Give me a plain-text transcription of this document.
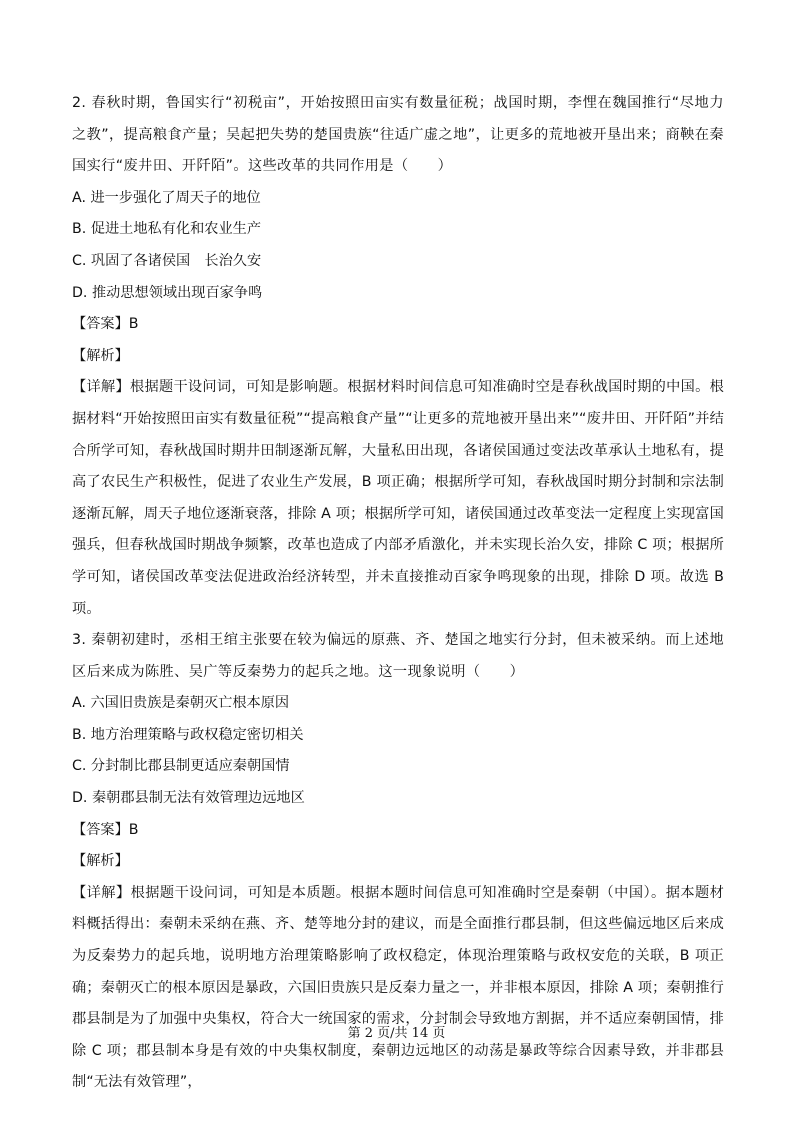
2. 春秋时期，鲁国实行“初税亩”，开始按照田亩实有数量征税；战国时期，李悝在魏国推行“尽地力之教”，提高粮食产量；吴起把失势的楚国贵族“往适广虚之地”，让更多的荒地被开垦出来；商鞅在秦国实行“废井田、开阡陌”。这些改革的共同作用是（　　）

A. 进一步强化了周天子的地位

B. 促进土地私有化和农业生产

C. 巩固了各诸侯国　长治久安

D. 推动思想领域出现百家争鸣

【答案】B

【解析】

【详解】根据题干设问词，可知是影响题。根据材料时间信息可知准确时空是春秋战国时期的中国。根据材料“开始按照田亩实有数量征税”“提高粮食产量”“让更多的荒地被开垦出来”“废井田、开阡陌”并结合所学可知，春秋战国时期井田制逐渐瓦解，大量私田出现，各诸侯国通过变法改革承认土地私有，提高了农民生产积极性，促进了农业生产发展，B 项正确；根据所学可知，春秋战国时期分封制和宗法制逐渐瓦解，周天子地位逐渐衰落，排除 A 项；根据所学可知，诸侯国通过改革变法一定程度上实现富国强兵，但春秋战国时期战争频繁，改革也造成了内部矛盾激化，并未实现长治久安，排除 C 项；根据所学可知，诸侯国改革变法促进政治经济转型，并未直接推动百家争鸣现象的出现，排除 D 项。故选 B 项。

3. 秦朝初建时，丞相王绾主张要在较为偏远的原燕、齐、楚国之地实行分封，但未被采纳。而上述地区后来成为陈胜、吴广等反秦势力的起兵之地。这一现象说明（　　）

A. 六国旧贵族是秦朝灭亡根本原因

B. 地方治理策略与政权稳定密切相关

C. 分封制比郡县制更适应秦朝国情

D. 秦朝郡县制无法有效管理边远地区

【答案】B

【解析】

【详解】根据题干设问词，可知是本质题。根据本题时间信息可知准确时空是秦朝（中国）。据本题材料概括得出：秦朝未采纳在燕、齐、楚等地分封的建议，而是全面推行郡县制，但这些偏远地区后来成为反秦势力的起兵地，说明地方治理策略影响了政权稳定，体现治理策略与政权安危的关联，B 项正确；秦朝灭亡的根本原因是暴政，六国旧贵族只是反秦力量之一，并非根本原因，排除 A 项；秦朝推行郡县制是为了加强中央集权，符合大一统国家的需求，分封制会导致地方割据，并不适应秦朝国情，排除 C 项；郡县制本身是有效的中央集权制度，秦朝边远地区的动荡是暴政等综合因素导致，并非郡县制“无法有效管理”，

第 2 页/共 14 页
